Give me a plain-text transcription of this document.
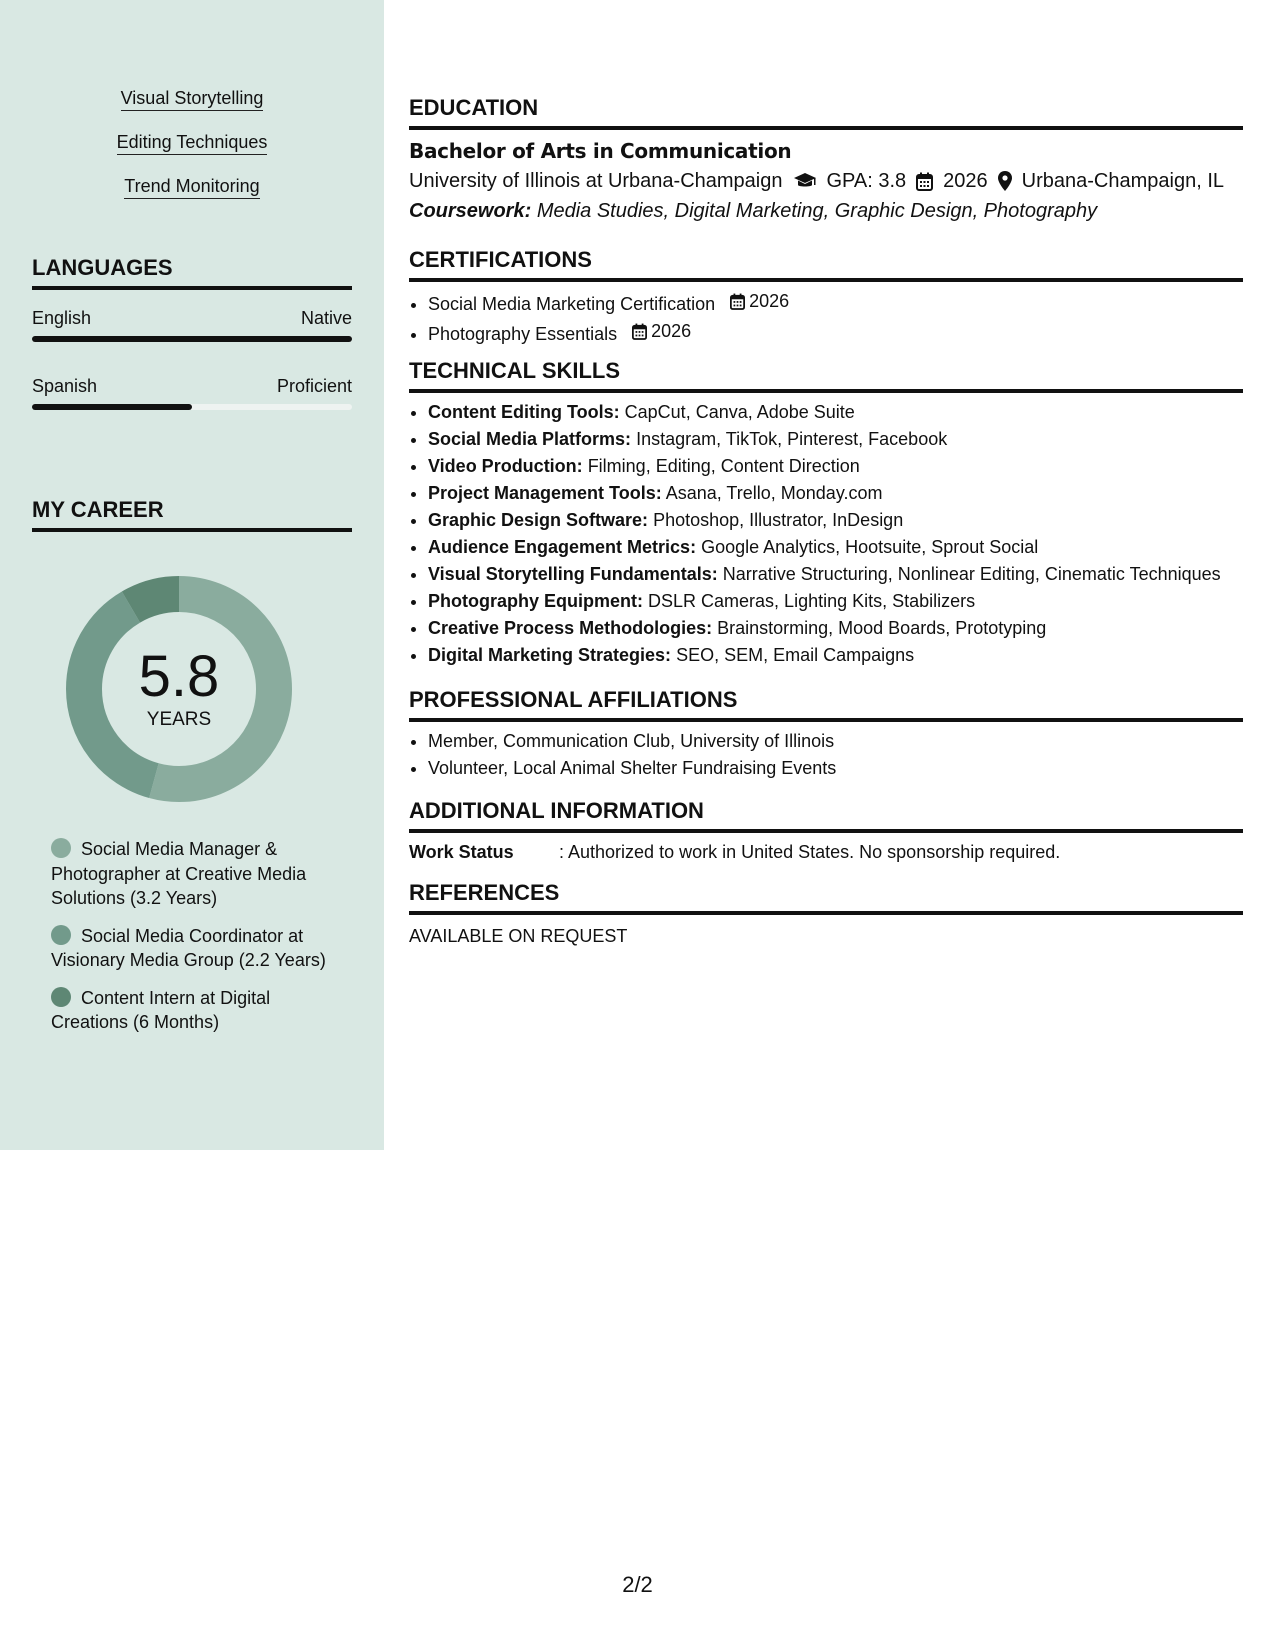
Visual Storytelling
Editing Techniques
Trend Monitoring
LANGUAGES
English	Native
Spanish	Proficient
MY CAREER
5.8
YEARS
Social Media Manager & Photographer at Creative Media Solutions (3.2 Years)
Social Media Coordinator at Visionary Media Group (2.2 Years)
Content Intern at Digital Creations (6 Months)
EDUCATION
Bachelor of Arts in Communication
University of Illinois at Urbana-Champaign GPA: 3.8 2026 Urbana-Champaign, IL
Coursework: Media Studies, Digital Marketing, Graphic Design, Photography
CERTIFICATIONS
• Social Media Marketing Certification 2026
• Photography Essentials 2026
TECHNICAL SKILLS
• Content Editing Tools: CapCut, Canva, Adobe Suite
• Social Media Platforms: Instagram, TikTok, Pinterest, Facebook
• Video Production: Filming, Editing, Content Direction
• Project Management Tools: Asana, Trello, Monday.com
• Graphic Design Software: Photoshop, Illustrator, InDesign
• Audience Engagement Metrics: Google Analytics, Hootsuite, Sprout Social
• Visual Storytelling Fundamentals: Narrative Structuring, Nonlinear Editing, Cinematic Techniques
• Photography Equipment: DSLR Cameras, Lighting Kits, Stabilizers
• Creative Process Methodologies: Brainstorming, Mood Boards, Prototyping
• Digital Marketing Strategies: SEO, SEM, Email Campaigns
PROFESSIONAL AFFILIATIONS
• Member, Communication Club, University of Illinois
• Volunteer, Local Animal Shelter Fundraising Events
ADDITIONAL INFORMATION
Work Status	: Authorized to work in United States. No sponsorship required.
REFERENCES
AVAILABLE ON REQUEST
2/2
